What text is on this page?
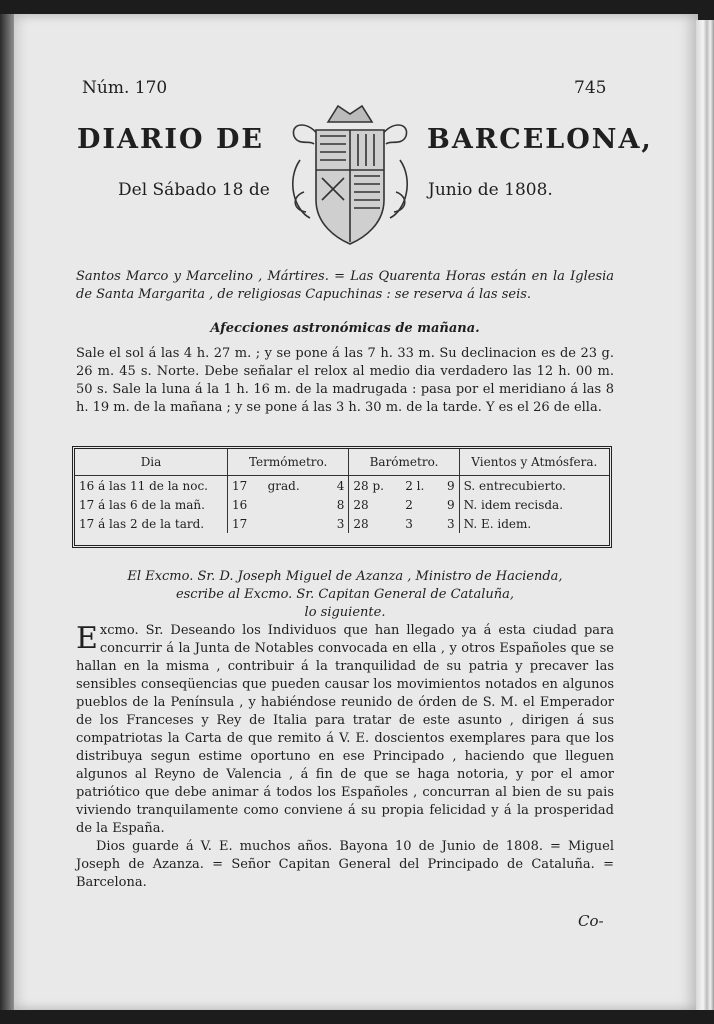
Núm. 170	745
DIARIO DE	BARCELONA,
Del Sábado 18 de	Junio de 1808.
Santos Marco y Marcelino , Mártires. = Las Quarenta Horas están en la Iglesia de Santa Margarita , de religiosas Capuchinas : se reserva á las seis.
Afecciones astronómicas de mañana.
Sale el sol á las 4 h. 27 m. ; y se pone á las 7 h. 33 m. Su declinacion es de 23 g. 26 m. 45 s. Norte. Debe señalar el relox al medio dia verdadero las 12 h. 00 m. 50 s. Sale la luna á la 1 h. 16 m. de la madrugada : pasa por el meridiano á las 8 h. 19 m. de la mañana ; y se pone á las 3 h. 30 m. de la tarde. Y es el 26 de ella.
Dia	Termómetro.			Barómetro.			Vientos y Atmósfera.
16 á las 11 de la noc.	17	grad.	4	28 p.	2 l.	9	S. entrecubierto.
17 á las 6 de la mañ.	16		8	28	2	9	N. idem recisda.
17 á las 2 de la tard.	17		3	28	3	3	N. E. idem.
El Excmo. Sr. D. Joseph Miguel de Azanza , Ministro de Hacienda,
escribe al Excmo. Sr. Capitan General de Cataluña,
lo siguiente.
E xcmo. Sr. Deseando los Individuos que han llegado ya á esta ciudad para concurrir á la Junta de Notables convocada en ella , y otros Españoles que se hallan en la misma , contribuir á la tranquilidad de su patria y precaver las sensibles conseqüencias que pueden causar los movimientos notados en algunos pueblos de la Península , y habiéndose reunido de órden de S. M. el Emperador de los Franceses y Rey de Italia para tratar de este asunto , dirigen á sus compatriotas la Carta de que remito á V. E. doscientos exemplares para que los distribuya segun estime oportuno en ese Principado , haciendo que lleguen algunos al Reyno de Valencia , á fin de que se haga notoria, y por el amor patriótico que debe animar á todos los Españoles , concurran al bien de su pais viviendo tranquilamente como conviene á su propia felicidad y á la prosperidad de la España.
Dios guarde á V. E. muchos años. Bayona 10 de Junio de 1808. = Miguel Joseph de Azanza. = Señor Capitan General del Principado de Cataluña. = Barcelona.
Co-
